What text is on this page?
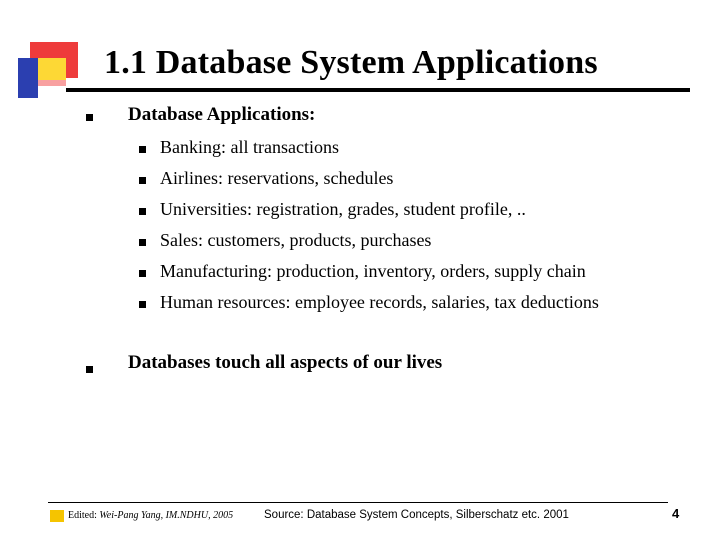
1.1 Database System Applications
Database Applications:
Banking: all transactions
Airlines: reservations, schedules
Universities: registration, grades, student profile, ..
Sales: customers, products, purchases
Manufacturing: production, inventory, orders, supply chain
Human resources: employee records, salaries, tax deductions
Databases touch all aspects of our lives
Edited: Wei-Pang Yang, IM.NDHU, 2005	Source: Database System Concepts, Silberschatz etc. 2001	4
